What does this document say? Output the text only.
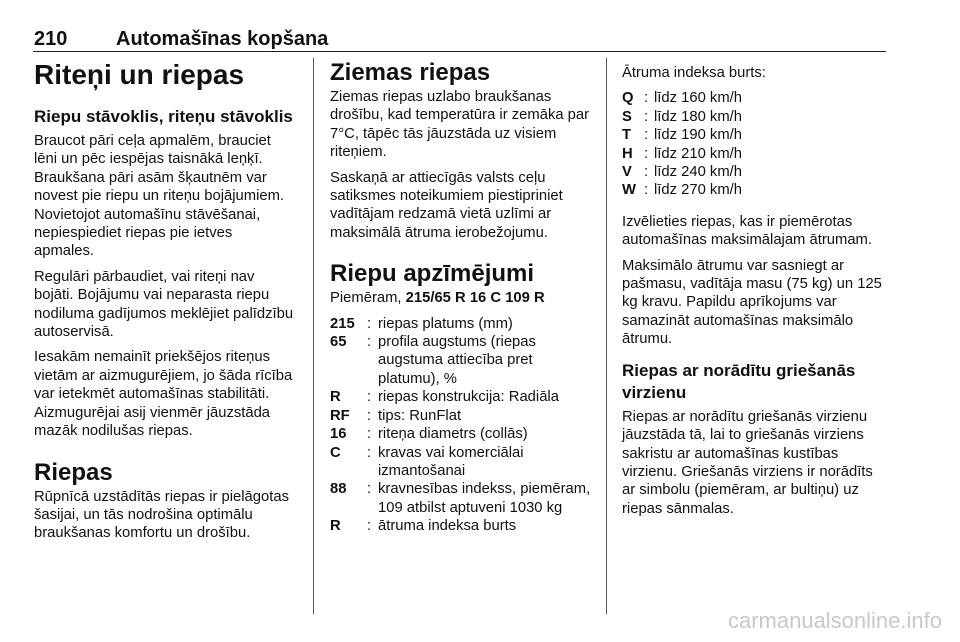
210 Automašīnas kopšana
Riteņi un riepas
Riepu stāvoklis, riteņu stāvoklis

Braucot pāri ceļa apmalēm, brauciet lēni un pēc iespējas taisnākā leņķī. Braukšana pāri asām šķautnēm var novest pie riepu un riteņu bojājumiem. Novietojot automašīnu stāvēšanai, nepiespiediet riepas pie ietves apmales.

Regulāri pārbaudiet, vai riteņi nav bojāti. Bojājumu vai neparasta riepu nodiluma gadījumos meklējiet palīdzību autoservisā.

Iesakām nemainīt priekšējos riteņus vietām ar aizmugurējiem, jo šāda rīcība var ietekmēt automašīnas stabilitāti. Aizmugurējai asij vienmēr jāuzstāda mazāk nodilušas riepas.

Riepas

Rūpnīcā uzstādītās riepas ir pielāgotas šasijai, un tās nodrošina optimālu braukšanas komfortu un drošību.

Ziemas riepas

Ziemas riepas uzlabo braukšanas drošību, kad temperatūra ir zemāka par 7°C, tāpēc tās jāuzstāda uz visiem riteņiem.

Saskaņā ar attiecīgās valsts ceļu satiksmes noteikumiem piestipriniet vadītājam redzamā vietā uzlīmi ar maksimālā ātruma ierobežojumu.

Riepu apzīmējumi

Piemēram, 215/65 R 16 C 109 R

215 : riepas platums (mm)
65	: profila augstums (riepas augstuma attiecība pret platumu), %
R	: riepas konstrukcija: Radiāla
RF	: tips: RunFlat
16	: riteņa diametrs (collās)
C	: kravas vai komerciālai izmantošanai
88	: kravnesības indekss, piemēram, 109 atbilst aptuveni 1030 kg
R	: ātruma indeksa burts

Ātruma indeksa burts:

Q : līdz 160 km/h
S : līdz 180 km/h
T : līdz 190 km/h
H : līdz 210 km/h
V : līdz 240 km/h
W : līdz 270 km/h

Izvēlieties riepas, kas ir piemērotas automašīnas maksimālajam ātrumam.

Maksimālo ātrumu var sasniegt ar pašmasu, vadītāja masu (75 kg) un 125 kg kravu. Papildu aprīkojums var samazināt automašīnas maksimālo ātrumu.

Riepas ar norādītu griešanās virzienu

Riepas ar norādītu griešanās virzienu jāuzstāda tā, lai to griešanās virziens sakristu ar automašīnas kustības virzienu. Griešanās virziens ir norādīts ar simbolu (piemēram, ar bultiņu) uz riepas sānmalas.

carmanualsonline.info
